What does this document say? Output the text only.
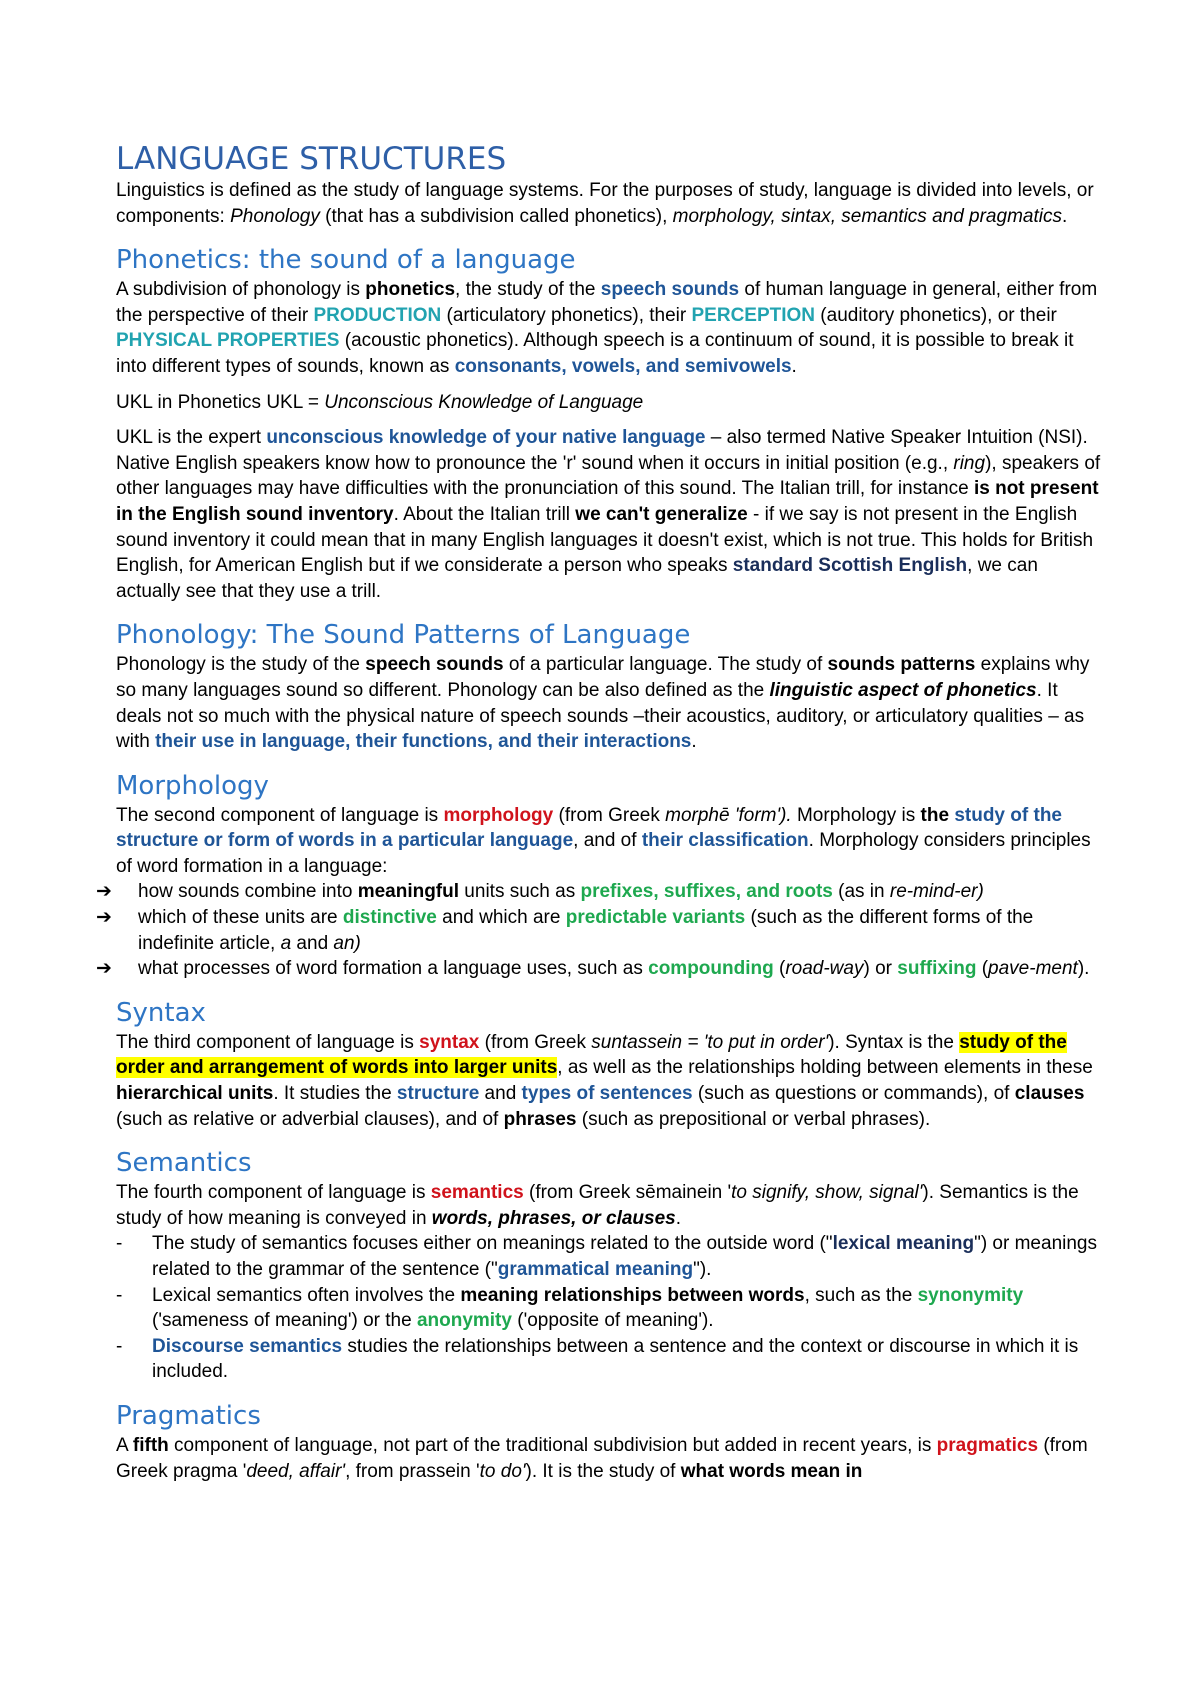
LANGUAGE STRUCTURES

Linguistics is defined as the study of language systems. For the purposes of study, language is divided into levels, or components: Phonology (that has a subdivision called phonetics), morphology, sintax, semantics and pragmatics.

Phonetics: the sound of a language

A subdivision of phonology is phonetics, the study of the speech sounds of human language in general, either from the perspective of their PRODUCTION (articulatory phonetics), their PERCEPTION (auditory phonetics), or their PHYSICAL PROPERTIES (acoustic phonetics). Although speech is a continuum of sound, it is possible to break it into different types of sounds, known as consonants, vowels, and semivowels.

UKL in Phonetics UKL = Unconscious Knowledge of Language

UKL is the expert unconscious knowledge of your native language – also termed Native Speaker Intuition (NSI). Native English speakers know how to pronounce the 'r' sound when it occurs in initial position (e.g., ring), speakers of other languages may have difficulties with the pronunciation of this sound. The Italian trill, for instance is not present in the English sound inventory. About the Italian trill we can't generalize - if we say is not present in the English sound inventory it could mean that in many English languages it doesn't exist, which is not true. This holds for British English, for American English but if we considerate a person who speaks standard Scottish English, we can actually see that they use a trill.

Phonology: The Sound Patterns of Language

Phonology is the study of the speech sounds of a particular language. The study of sounds patterns explains why so many languages sound so different. Phonology can be also defined as the linguistic aspect of phonetics. It deals not so much with the physical nature of speech sounds –their acoustics, auditory, or articulatory qualities – as with their use in language, their functions, and their interactions.

Morphology

The second component of language is morphology (from Greek morphē 'form'). Morphology is the study of the structure or form of words in a particular language, and of their classification. Morphology considers principles of word formation in a language:

➔ how sounds combine into meaningful units such as prefixes, suffixes, and roots (as in re-mind-er)
➔ which of these units are distinctive and which are predictable variants (such as the different forms of the indefinite article, a and an)
➔ what processes of word formation a language uses, such as compounding (road-way) or suffixing (pave-ment).
Syntax

The third component of language is syntax (from Greek suntassein = 'to put in order'). Syntax is the study of the order and arrangement of words into larger units, as well as the relationships holding between elements in these hierarchical units. It studies the structure and types of sentences (such as questions or commands), of clauses (such as relative or adverbial clauses), and of phrases (such as prepositional or verbal phrases).

Semantics

The fourth component of language is semantics (from Greek sēmainein 'to signify, show, signal'). Semantics is the study of how meaning is conveyed in words, phrases, or clauses.

- The study of semantics focuses either on meanings related to the outside word ("lexical meaning") or meanings related to the grammar of the sentence ("grammatical meaning").
- Lexical semantics often involves the meaning relationships between words, such as the synonymity ('sameness of meaning') or the anonymity ('opposite of meaning').
- Discourse semantics studies the relationships between a sentence and the context or discourse in which it is included.
Pragmatics

A fifth component of language, not part of the traditional subdivision but added in recent years, is pragmatics (from Greek pragma 'deed, affair', from prassein 'to do'). It is the study of what words mean in
